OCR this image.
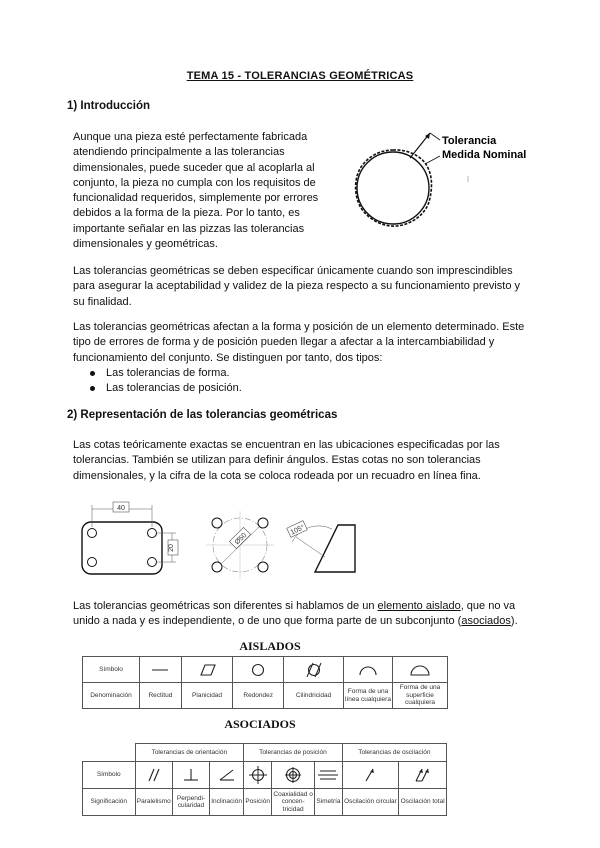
TEMA 15 - TOLERANCIAS GEOMÉTRICAS
1) Introducción
Aunque una pieza esté perfectamente fabricada
atendiendo principalmente a las tolerancias
dimensionales, puede suceder que al acoplarla al
conjunto, la pieza no cumpla con los requisitos de
funcionalidad requeridos, simplemente por errores
debidos a la forma de la pieza. Por lo tanto, es
importante señalar en las pizzas las tolerancias
dimensionales y geométricas.
Tolerancia
Medida Nominal
Las tolerancias geométricas se deben especificar únicamente cuando son imprescindibles
para asegurar la aceptabilidad y validez de la pieza respecto a su funcionamiento previsto y
su finalidad.
Las tolerancias geométricas afectan a la forma y posición de un elemento determinado. Este
tipo de errores de forma y de posición pueden llegar a afectar a la intercambiabilidad y
funcionamiento del conjunto. Se distinguen por tanto, dos tipos:
Las tolerancias de forma.
Las tolerancias de posición.
2) Representación de las tolerancias geométricas
Las cotas teóricamente exactas se encuentran en las ubicaciones especificadas por las
tolerancias. También se utilizan para definir ángulos. Estas cotas no son tolerancias
dimensionales, y la cifra de la cota se coloca rodeada por un recuadro en línea fina.
40
20
Ø50
105°
Las tolerancias geométricas son diferentes si hablamos de un elemento aislado, que no va
unido a nada y es independiente, o de uno que forma parte de un subconjunto (asociados).
AISLADOS
Símbolo	

Denominación	Rectitud	Planicidad	Redondez	Cilindricidad	Forma de una línea cualquiera	Forma de una superficie cualquiera
ASOCIADOS
	Tolerancias de orientación			Tolerancias de posición			Tolerancias de oscilación	
Símbolo	

Significación	Paralelismo	Perpendi-cularidad	Inclinación	Posición	Coaxialidad o concen-tricidad	Simetría	Oscilación circular	Oscilación total
